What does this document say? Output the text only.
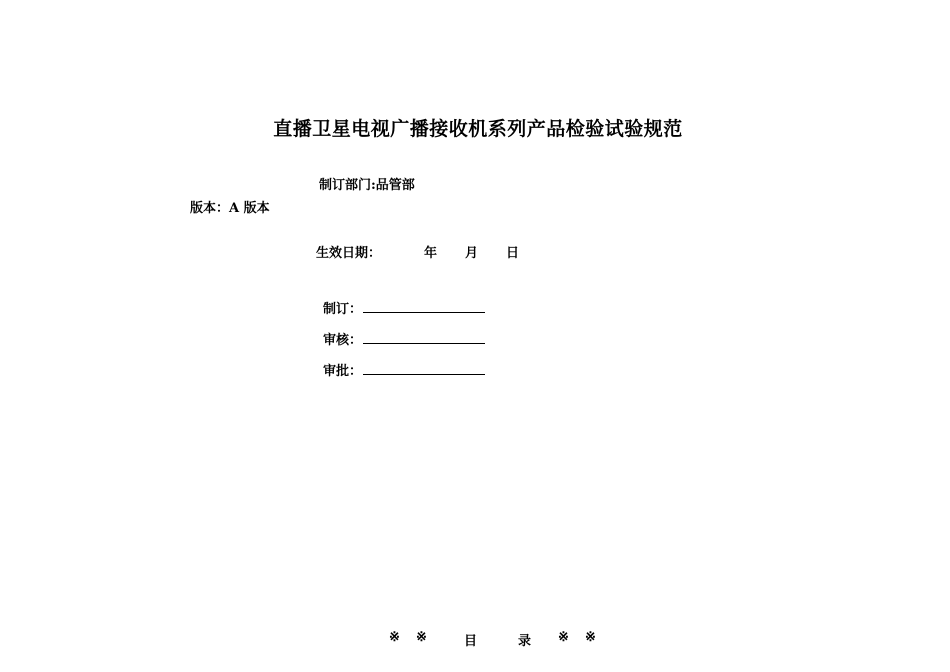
直播卫星电视广播接收机系列产品检验试验规范
制订部门:品管部
版本：A 版本
生效日期：	年 月 日
制订：
审核：
审批：
※ ※	目	录 ※ ※
